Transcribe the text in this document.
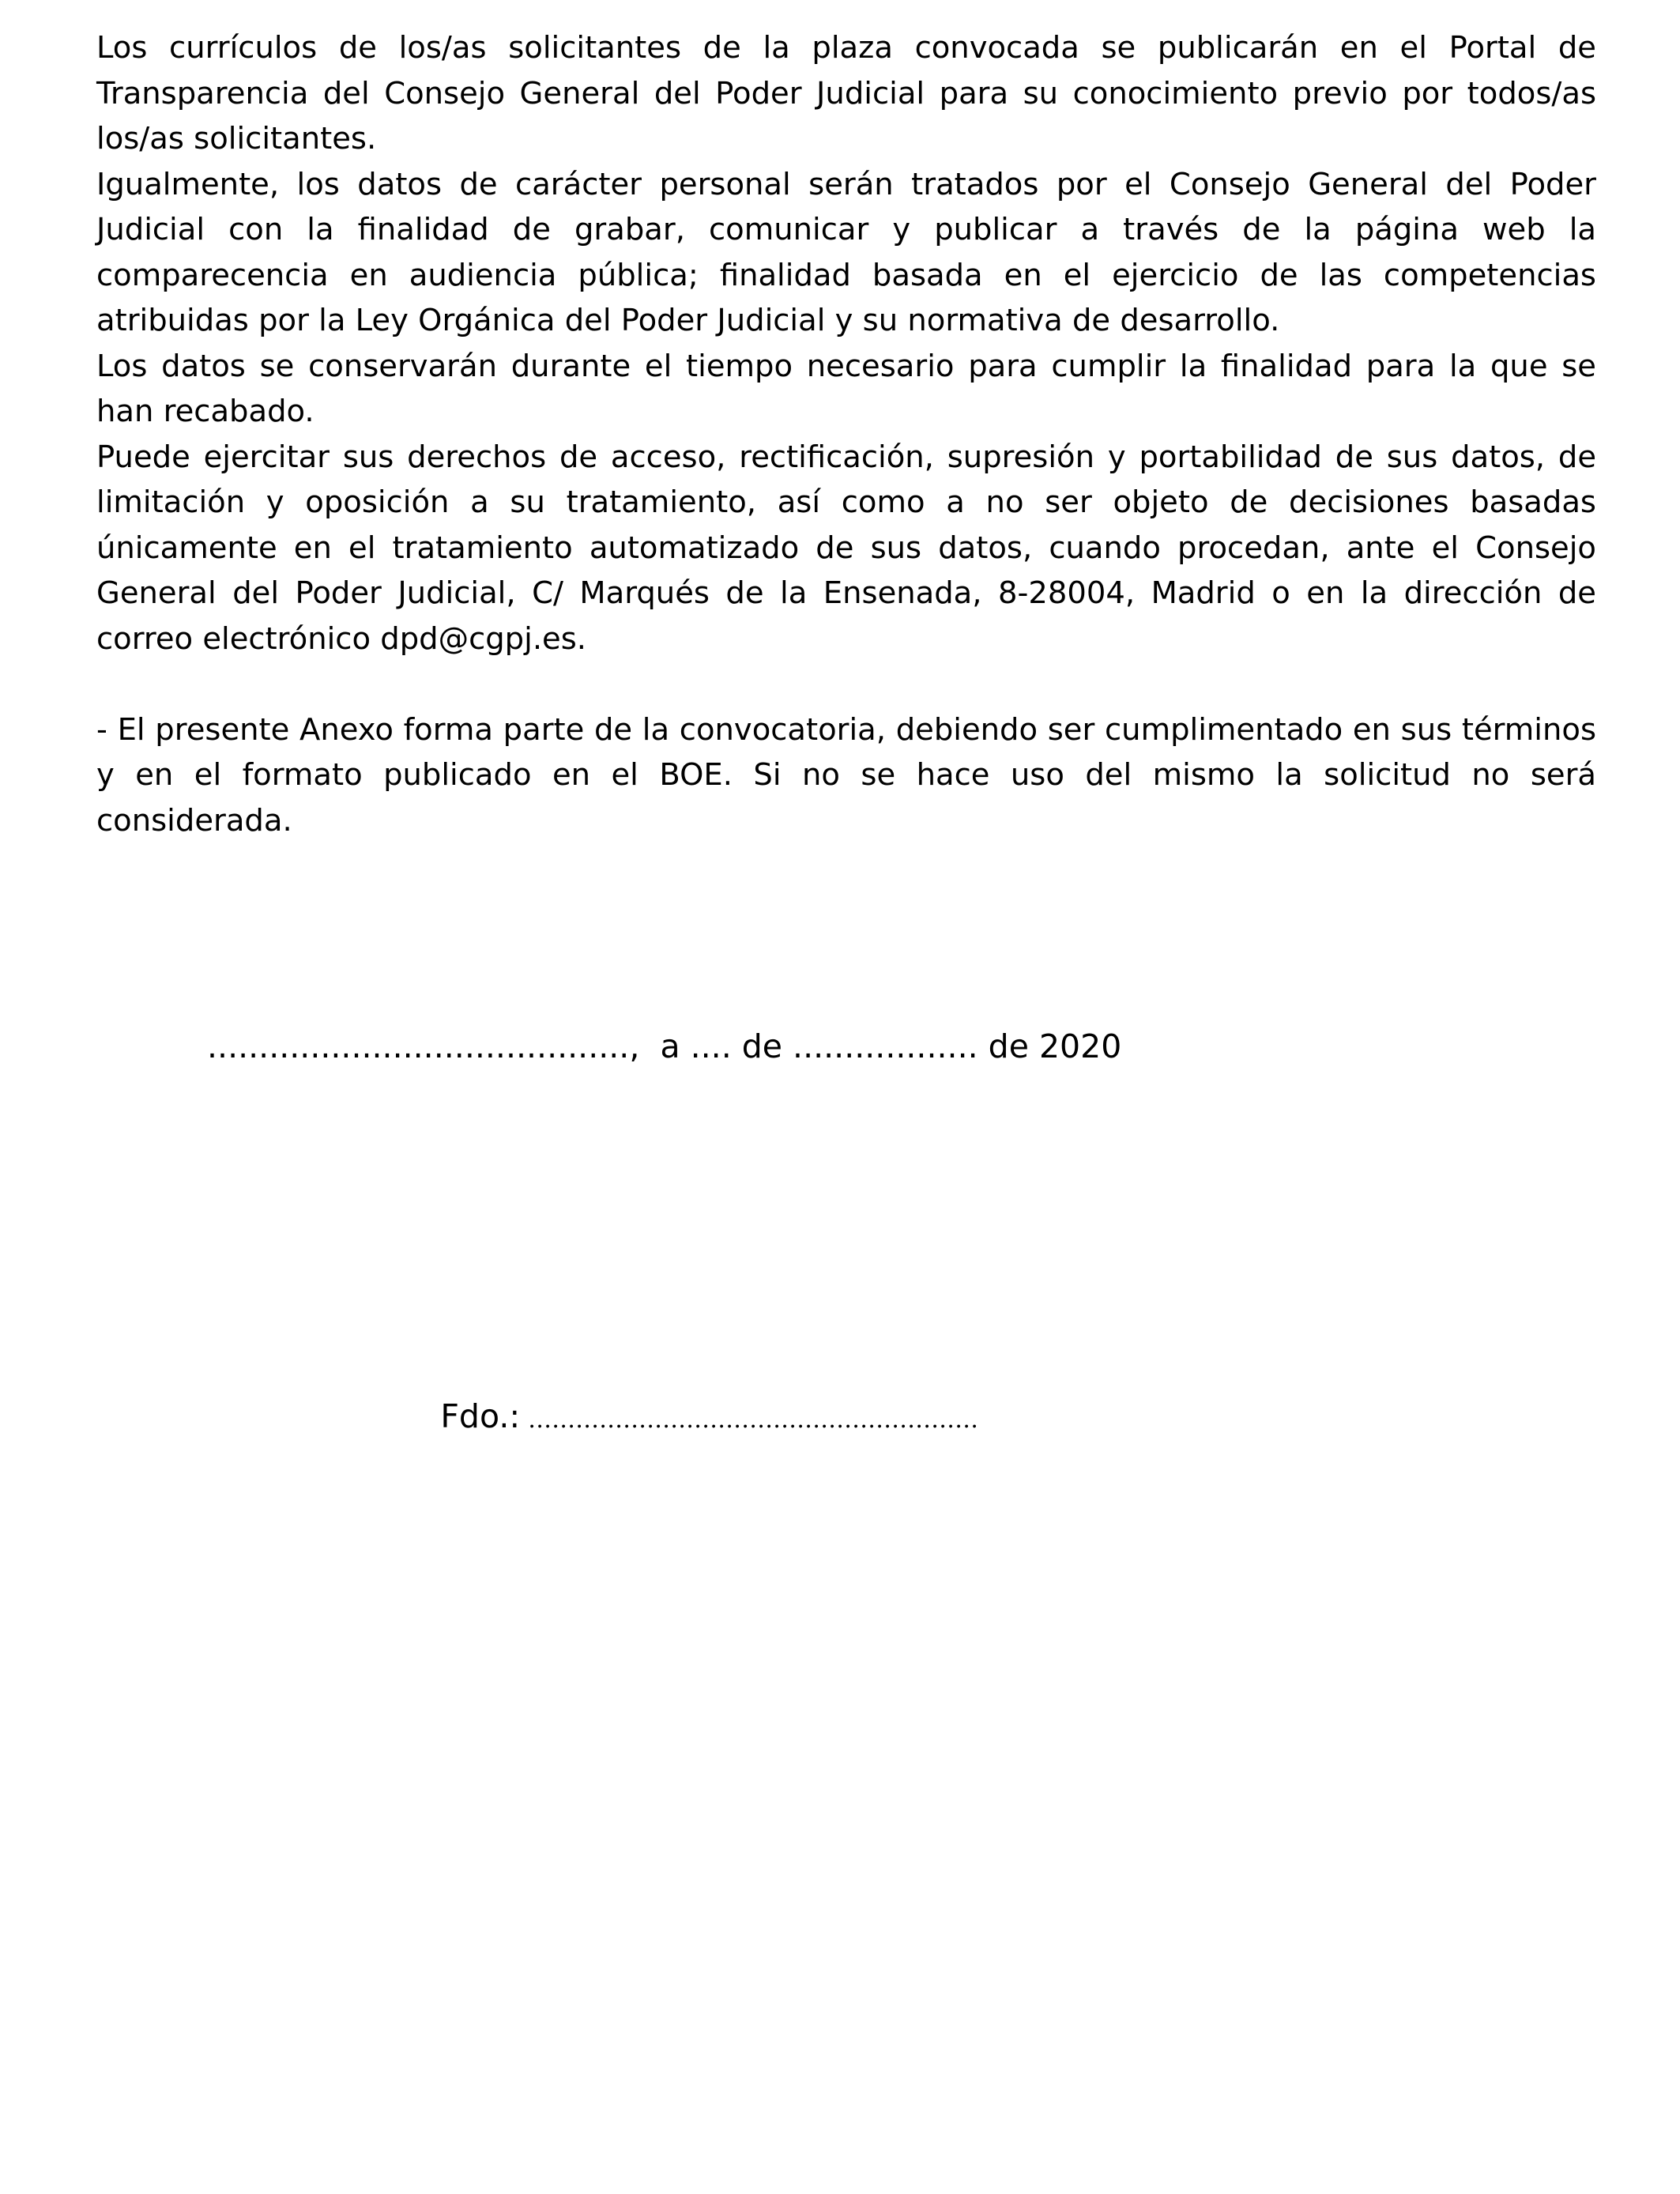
Los currículos de los/as solicitantes de la plaza convocada se publicarán en el Portal de Transparencia del Consejo General del Poder Judicial para su conocimiento previo por todos/as los/as solicitantes.

Igualmente, los datos de carácter personal serán tratados por el Consejo General del Poder Judicial con la finalidad de grabar, comunicar y publicar a través de la página web la comparecencia en audiencia pública; finalidad basada en el ejercicio de las competencias atribuidas por la Ley Orgánica del Poder Judicial y su normativa de desarrollo.

Los datos se conservarán durante el tiempo necesario para cumplir la finalidad para la que se han recabado.

Puede ejercitar sus derechos de acceso, rectificación, supresión y portabilidad de sus datos, de limitación y oposición a su tratamiento, así como a no ser objeto de decisiones basadas únicamente en el tratamiento automatizado de sus datos, cuando procedan, ante el Consejo General del Poder Judicial, C/ Marqués de la Ensenada, 8-28004, Madrid o en la dirección de correo electrónico dpd@cgpj.es.

- El presente Anexo forma parte de la convocatoria, debiendo ser cumplimentado en sus términos y en el formato publicado en el BOE. Si no se hace uso del mismo la solicitud no será considerada.

.........................................,  a .... de .................. de 2020

Fdo.: …………………………………………………
